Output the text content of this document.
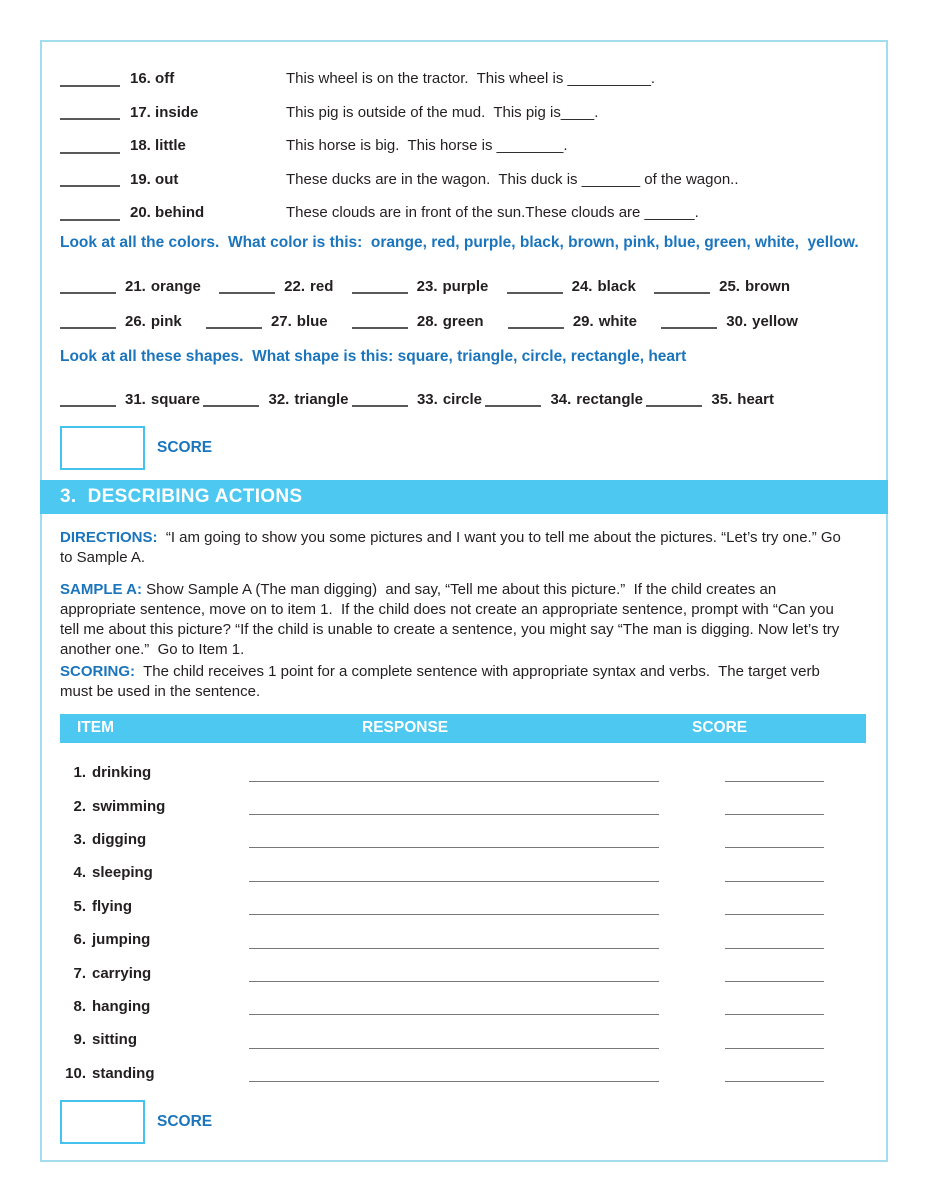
16. off	This wheel is on the tractor.  This wheel is __________.
17. inside	This pig is outside of the mud.  This pig is____.
18. little	This horse is big.  This horse is ________.
19. out	These ducks are in the wagon.  This duck is _______ of the wagon..
20. behind	These clouds are in front of the sun.These clouds are ______.
Look at all the colors.  What color is this:  orange, red, purple, black, brown, pink, blue, green, white,  yellow.
21. orange	22. red	23. purple	24. black	25. brown
26. pink	27. blue	28. green	29. white	30. yellow
Look at all these shapes.  What shape is this: square, triangle, circle, rectangle, heart
31. square	32. triangle	33. circle	34. rectangle	35. heart
SCORE
3.  DESCRIBING ACTIONS
DIRECTIONS:  “I am going to show you some pictures and I want you to tell me about the pictures. “Let’s try one.” Go to Sample A.
SAMPLE A: Show Sample A (The man digging)  and say, “Tell me about this picture.”  If the child creates an appropriate sentence, move on to item 1.  If the child does not create an appropriate sentence, prompt with “Can you tell me about this picture? “If the child is unable to create a sentence, you might say “The man is digging. Now let’s try another one.”  Go to Item 1.
SCORING:  The child receives 1 point for a complete sentence with appropriate syntax and verbs.  The target verb must be used in the sentence.
ITEM	RESPONSE	SCORE
1. drinking
2. swimming
3. digging
4. sleeping
5. flying
6. jumping
7. carrying
8. hanging
9. sitting
10. standing
SCORE
